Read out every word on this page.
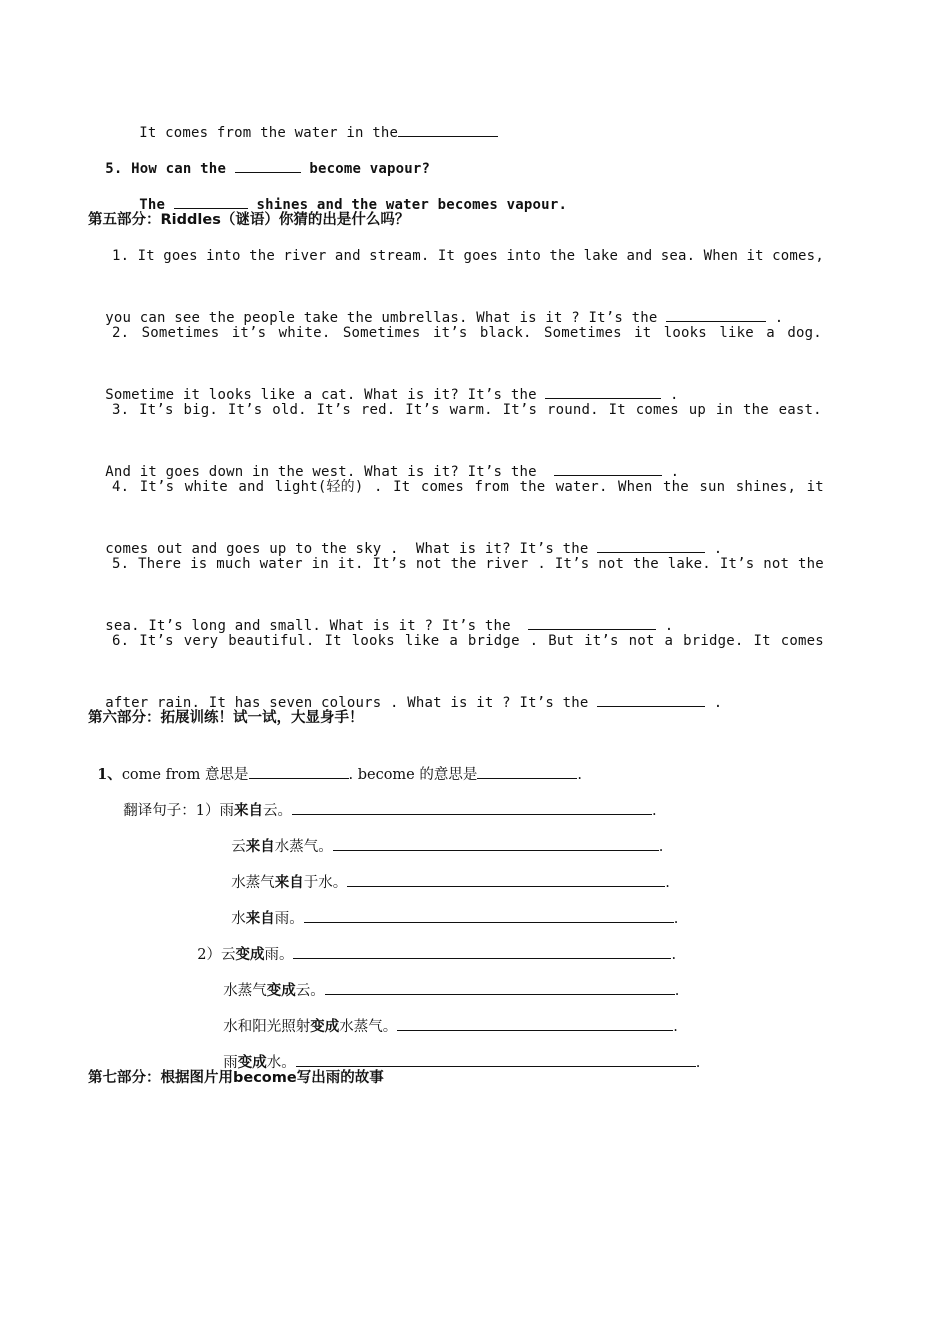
It comes from the water in the

5. How can the	become vapour?

The	shines and the water becomes vapour.

第五部分：Riddles（谜语）你猜的出是什么吗？
1. It goes into the river and stream. It goes into the lake and sea. When it comes,

you can see the people take the umbrellas. What is it ? It’s the	.

2. Sometimes it’s white. Sometimes it’s black. Sometimes it looks like a dog.

Sometime it looks like a cat. What is it? It’s the	.

3. It’s big. It’s old. It’s red. It’s warm. It’s round. It comes up in the east.

And it goes down in the west. What is it? It’s the	.

4. It’s white and light(轻的) . It comes from the water. When the sun shines, it

comes out and goes up to the sky .  What is it? It’s the	.

5. There is much water in it. It’s not the river . It’s not the lake. It’s not the

sea. It’s long and small. What is it ? It’s the	.

6. It’s very beautiful. It looks like a bridge . But it’s not a bridge. It comes

after rain. It has seven colours . What is it ? It’s the	.

第六部分：拓展训练！试一试，大显身手！

1、come from 意思是	. become 的意思是	.

翻译句子：1）雨来自云。	.

云来自水蒸气。	.

水蒸气来自于水。	.

水来自雨。	.

2）云变成雨。	.

水蒸气变成云。	.

水和阳光照射变成水蒸气。	.

雨变成水。	.

第七部分：根据图片用become写出雨的故事
